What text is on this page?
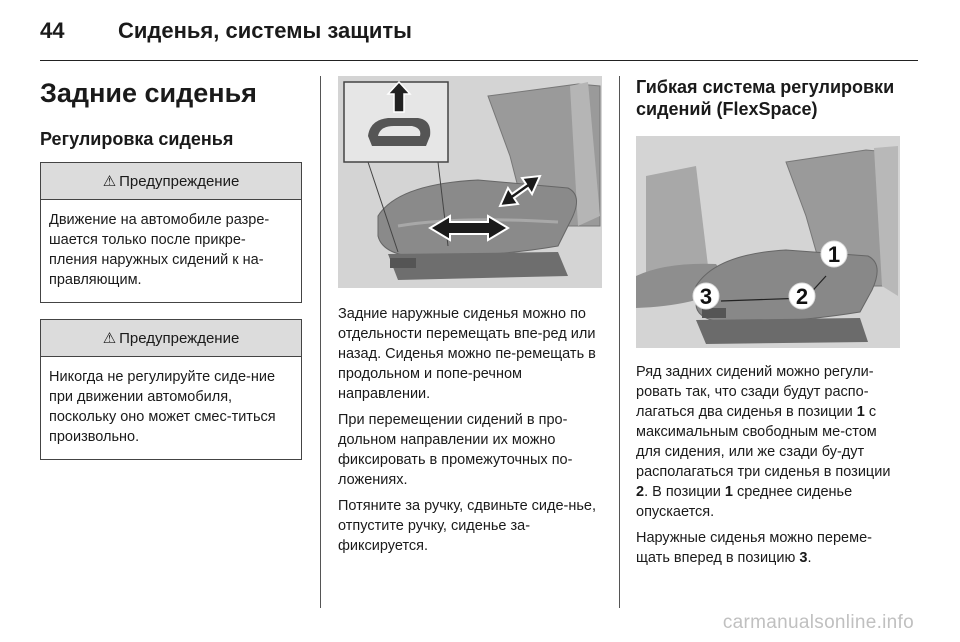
44	Сиденья, системы защиты
Задние сиденья
Регулировка сиденья
⚠ Предупреждение
Движение на автомобиле разре-шается только после прикре-пления наружных сидений к на-правляющим.
⚠ Предупреждение
Никогда не регулируйте сиде-ние при движении автомобиля, поскольку оно может смес-титься произвольно.

Задние наружные сиденья можно по отдельности перемещать впе-ред или назад. Сиденья можно пе-ремещать в продольном и попе-речном направлении.

При перемещении сидений в про-дольном направлении их можно фиксировать в промежуточных по-ложениях.

Потяните за ручку, сдвиньте сиде-нье, отпустите ручку, сиденье за-фиксируется.

Гибкая система регулировки сидений (FlexSpace)
1
2
3

Ряд задних сидений можно регули-ровать так, что сзади будут распо-лагаться два сиденья в позиции 1 с максимальным свободным ме-стом для сидения, или же сзади бу-дут располагаться три сиденья в позиции 2. В позиции 1 среднее сиденье опускается.

Наружные сиденья можно переме-щать вперед в позицию 3.

carmanualsonline.info
